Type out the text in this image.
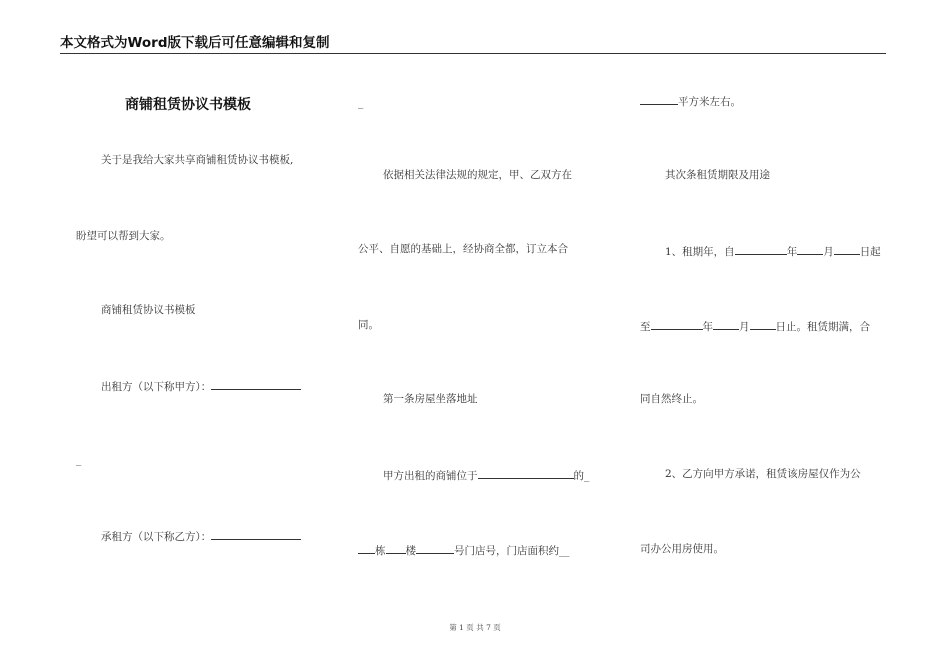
本文格式为Word版下载后可任意编辑和复制
商铺租赁协议书模板
关于是我给大家共享商铺租赁协议书模板,
盼望可以帮到大家。
商铺租赁协议书模板
出租方（以下称甲方）：
_
承租方（以下称乙方）：
_
依据相关法律法规的规定，甲、乙双方在
公平、自愿的基础上，经协商全都，订立本合
同。
第一条房屋坐落地址
甲方出租的商铺位于	的_
栋 楼	号门店号，门店面积约__
平方米左右。
其次条租赁期限及用途
1、租期年，自	年 月 日起
至	年 月 日止。租赁期满，合
同自然终止。
2、乙方向甲方承诺，租赁该房屋仅作为公
司办公用房使用。
第 1 页 共 7 页
